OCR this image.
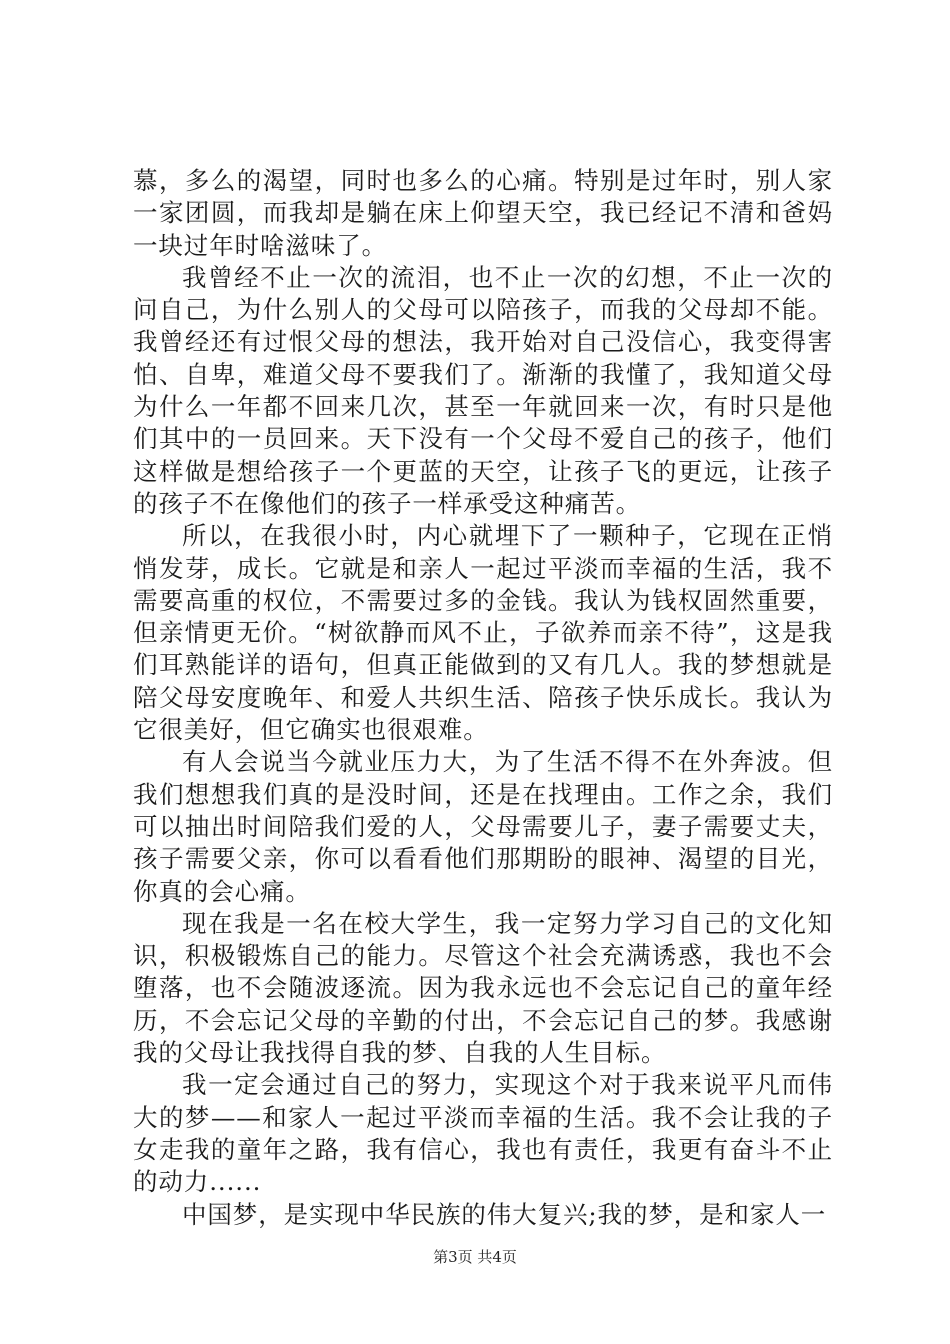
慕，多么的渴望，同时也多么的心痛。特别是过年时，别人家一家团圆，而我却是躺在床上仰望天空，我已经记不清和爸妈一块过年时啥滋味了。

我曾经不止一次的流泪，也不止一次的幻想，不止一次的问自己，为什么别人的父母可以陪孩子，而我的父母却不能。我曾经还有过恨父母的想法，我开始对自己没信心，我变得害怕、自卑，难道父母不要我们了。渐渐的我懂了，我知道父母为什么一年都不回来几次，甚至一年就回来一次，有时只是他们其中的一员回来。天下没有一个父母不爱自己的孩子，他们这样做是想给孩子一个更蓝的天空，让孩子飞的更远，让孩子的孩子不在像他们的孩子一样承受这种痛苦。

所以，在我很小时，内心就埋下了一颗种子，它现在正悄悄发芽，成长。它就是和亲人一起过平淡而幸福的生活，我不需要高重的权位，不需要过多的金钱。我认为钱权固然重要，但亲情更无价。“树欲静而风不止，子欲养而亲不待”，这是我们耳熟能详的语句，但真正能做到的又有几人。我的梦想就是陪父母安度晚年、和爱人共织生活、陪孩子快乐成长。我认为它很美好，但它确实也很艰难。

有人会说当今就业压力大，为了生活不得不在外奔波。但我们想想我们真的是没时间，还是在找理由。工作之余，我们可以抽出时间陪我们爱的人，父母需要儿子，妻子需要丈夫，孩子需要父亲，你可以看看他们那期盼的眼神、渴望的目光，你真的会心痛。

现在我是一名在校大学生，我一定努力学习自己的文化知识，积极锻炼自己的能力。尽管这个社会充满诱惑，我也不会堕落，也不会随波逐流。因为我永远也不会忘记自己的童年经历，不会忘记父母的辛勤的付出，不会忘记自己的梦。我感谢我的父母让我找得自我的梦、自我的人生目标。

我一定会通过自己的努力，实现这个对于我来说平凡而伟大的梦——和家人一起过平淡而幸福的生活。我不会让我的子女走我的童年之路，我有信心，我也有责任，我更有奋斗不止的动力......

中国梦，是实现中华民族的伟大复兴;我的梦，是和家人一

第3页 共4页
